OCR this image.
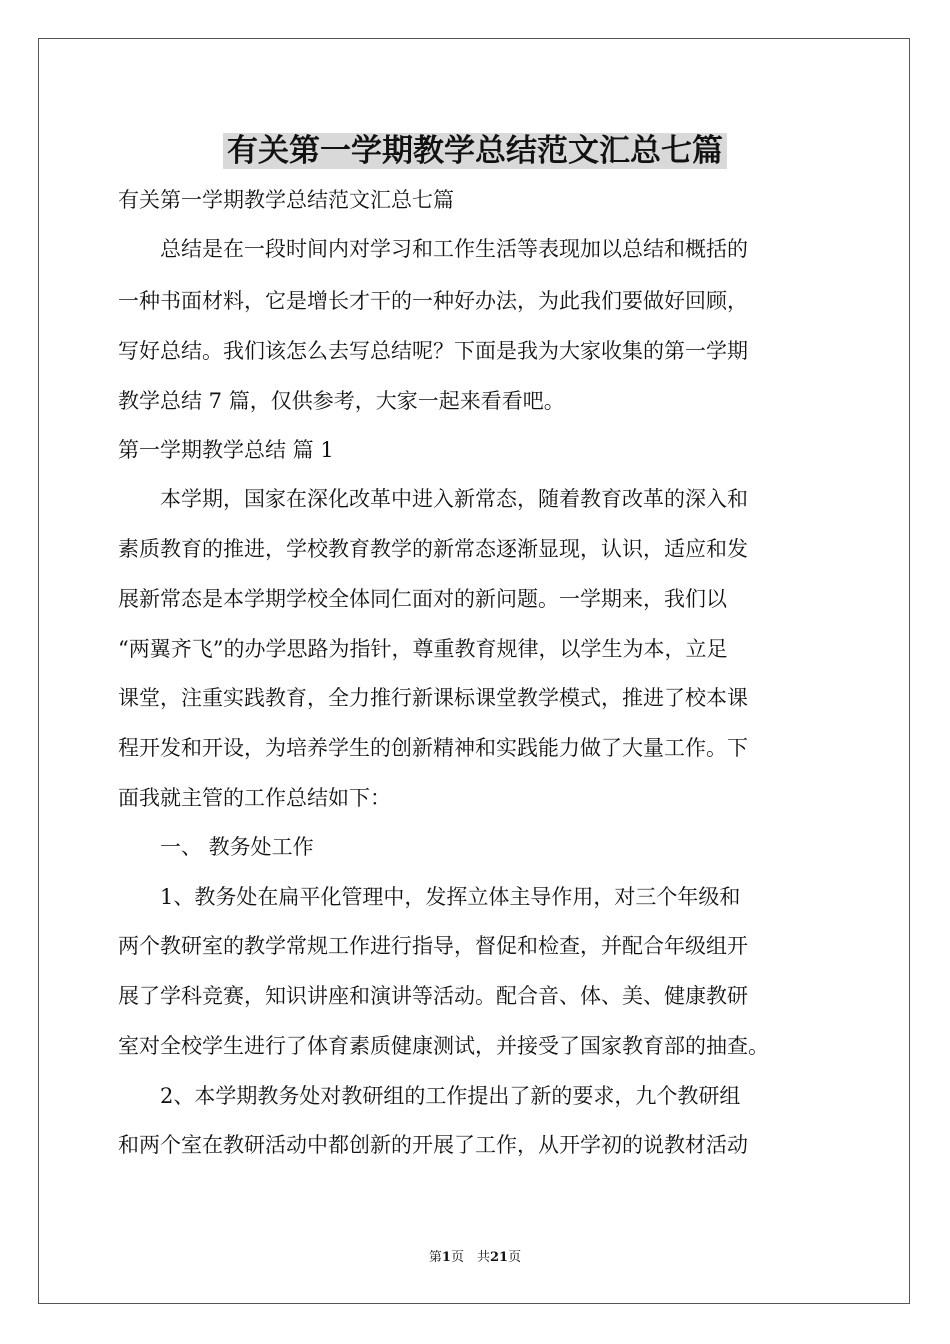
有关第一学期教学总结范文汇总七篇
有关第一学期教学总结范文汇总七篇
　　总结是在一段时间内对学习和工作生活等表现加以总结和概括的
一种书面材料，它是增长才干的一种好办法，为此我们要做好回顾，
写好总结。我们该怎么去写总结呢？下面是我为大家收集的第一学期
教学总结 7 篇，仅供参考，大家一起来看看吧。
第一学期教学总结 篇 1
　　本学期，国家在深化改革中进入新常态，随着教育改革的深入和
素质教育的推进，学校教育教学的新常态逐渐显现，认识，适应和发
展新常态是本学期学校全体同仁面对的新问题。一学期来，我们以
“两翼齐飞”的办学思路为指针，尊重教育规律，以学生为本，立足
课堂，注重实践教育，全力推行新课标课堂教学模式，推进了校本课
程开发和开设，为培养学生的创新精神和实践能力做了大量工作。下
面我就主管的工作总结如下：
　　一、 教务处工作
　　1、教务处在扁平化管理中，发挥立体主导作用，对三个年级和
两个教研室的教学常规工作进行指导，督促和检查，并配合年级组开
展了学科竞赛，知识讲座和演讲等活动。配合音、体、美、健康教研
室对全校学生进行了体育素质健康测试，并接受了国家教育部的抽查。
　　2、本学期教务处对教研组的工作提出了新的要求，九个教研组
和两个室在教研活动中都创新的开展了工作，从开学初的说教材活动
第1页　共21页
